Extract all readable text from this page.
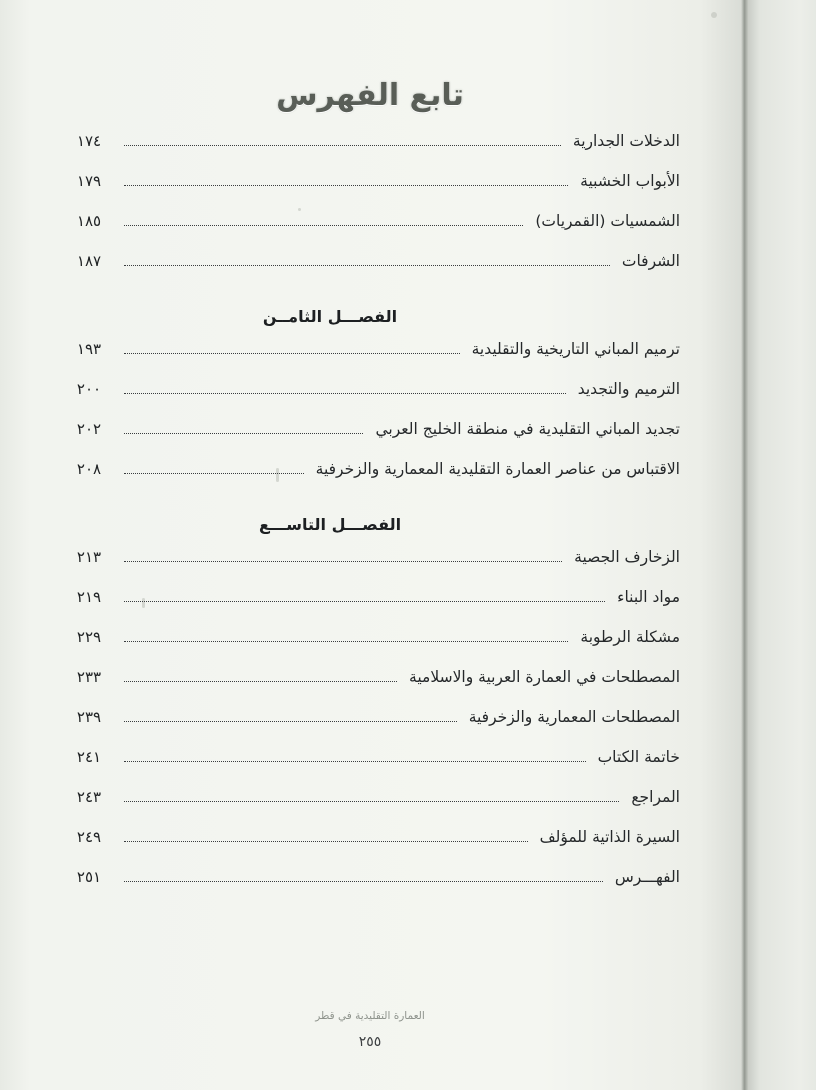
تابع الفهرس
الدخلات الجدارية
١٧٤
الأبواب الخشبية
١٧٩
الشمسيات (القمريات)
١٨٥
الشرفات
١٨٧
الفصـــل الثامــن
ترميم المباني التاريخية والتقليدية
١٩٣
الترميم والتجديد
٢٠٠
تجديد المباني التقليدية في منطقة الخليج العربي
٢٠٢
الاقتباس من عناصر العمارة التقليدية المعمارية والزخرفية
٢٠٨
الفصـــل التاســـع
الزخارف الجصية
٢١٣
مواد البناء
٢١٩
مشكلة الرطوبة
٢٢٩
المصطلحات في العمارة العربية والاسلامية
٢٣٣
المصطلحات المعمارية والزخرفية
٢٣٩
خاتمة الكتاب
٢٤١
المراجع
٢٤٣
السيرة الذاتية للمؤلف
٢٤٩
الفهـــرس
٢٥١
العمارة التقليدية في قطر
٢٥٥
